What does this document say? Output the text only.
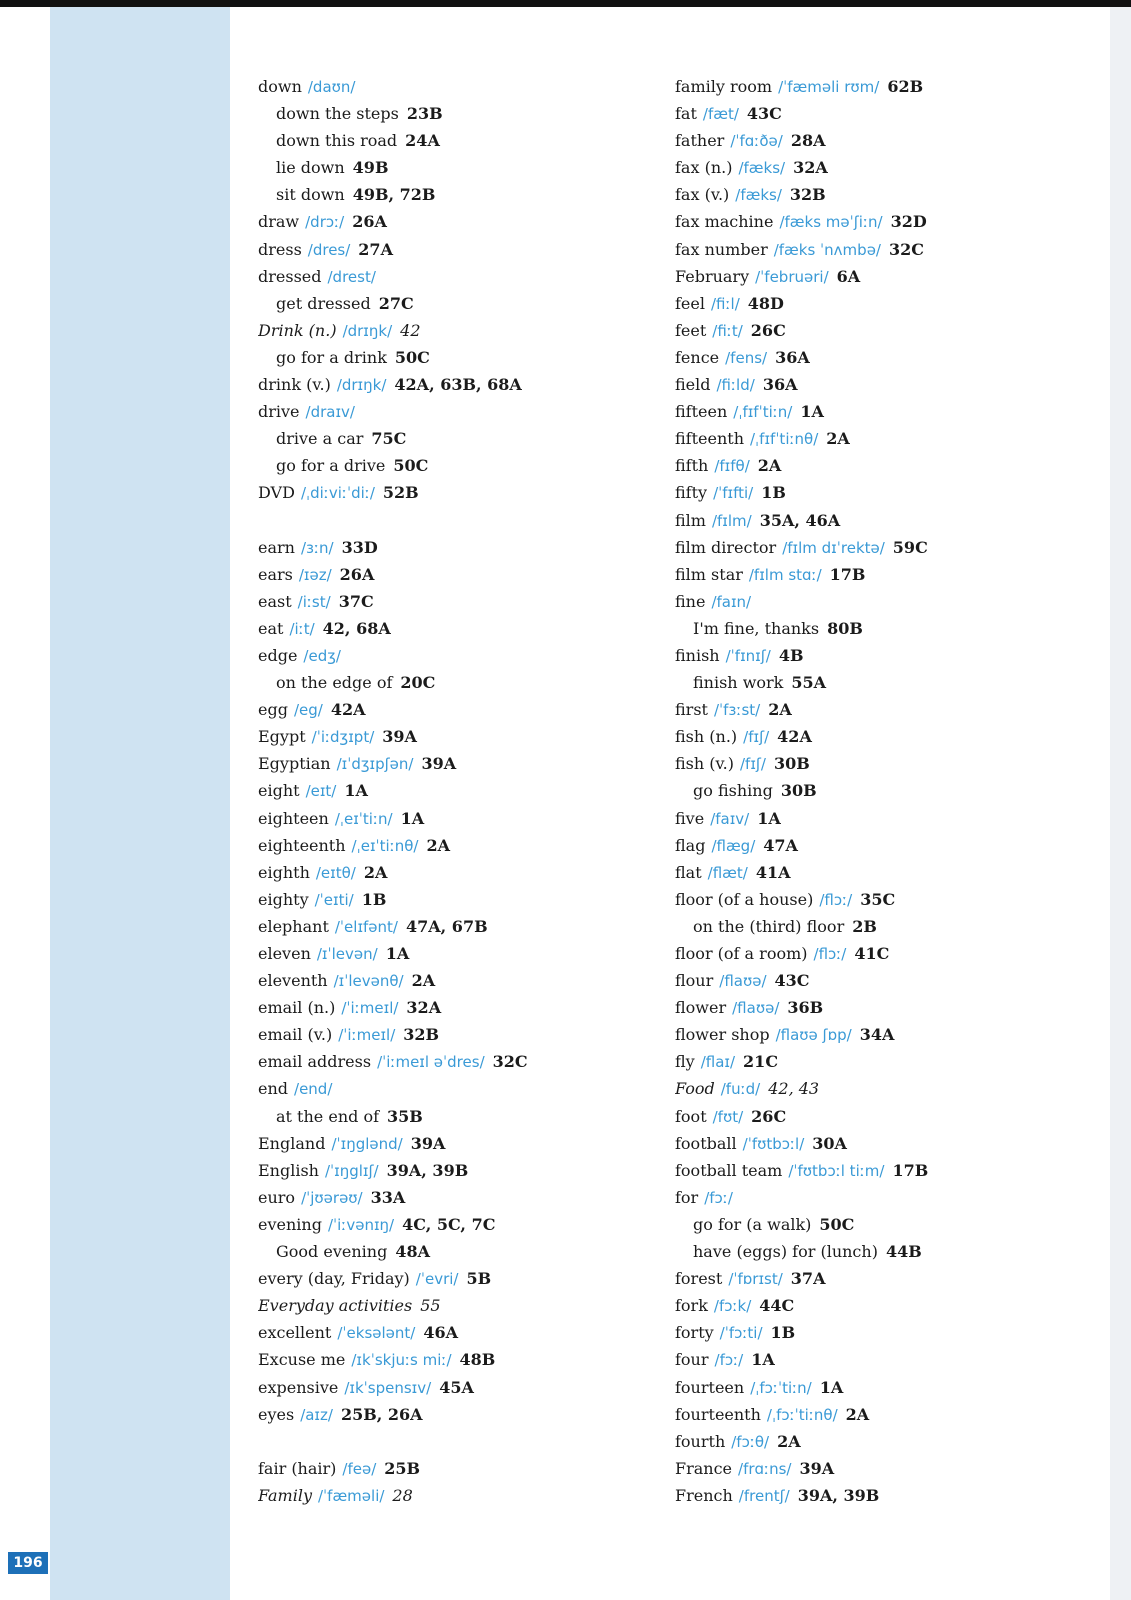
down /daʊn/
down the steps 23B
down this road 24A
lie down 49B
sit down 49B, 72B
draw /drɔː/ 26A
dress /dres/ 27A
dressed /drest/
get dressed 27C
Drink (n.) /drɪŋk/ 42
go for a drink 50C
drink (v.) /drɪŋk/ 42A, 63B, 68A
drive /draɪv/
drive a car 75C
go for a drive 50C
DVD /ˌdiːviːˈdiː/ 52B
earn /ɜːn/ 33D
ears /ɪəz/ 26A
east /iːst/ 37C
eat /iːt/ 42, 68A
edge /edʒ/
on the edge of 20C
egg /eg/ 42A
Egypt /ˈiːdʒɪpt/ 39A
Egyptian /ɪˈdʒɪpʃən/ 39A
eight /eɪt/ 1A
eighteen /ˌeɪˈtiːn/ 1A
eighteenth /ˌeɪˈtiːnθ/ 2A
eighth /eɪtθ/ 2A
eighty /ˈeɪti/ 1B
elephant /ˈelɪfənt/ 47A, 67B
eleven /ɪˈlevən/ 1A
eleventh /ɪˈlevənθ/ 2A
email (n.) /ˈiːmeɪl/ 32A
email (v.) /ˈiːmeɪl/ 32B
email address /ˈiːmeɪl əˈdres/ 32C
end /end/
at the end of 35B
England /ˈɪŋglənd/ 39A
English /ˈɪŋglɪʃ/ 39A, 39B
euro /ˈjʊərəʊ/ 33A
evening /ˈiːvənɪŋ/ 4C, 5C, 7C
Good evening 48A
every (day, Friday) /ˈevri/ 5B
Everyday activities 55
excellent /ˈeksələnt/ 46A
Excuse me /ɪkˈskjuːs miː/ 48B
expensive /ɪkˈspensɪv/ 45A
eyes /aɪz/ 25B, 26A
fair (hair) /feə/ 25B
Family /ˈfæməli/ 28
family room /ˈfæməli rʊm/ 62B
fat /fæt/ 43C
father /ˈfɑːðə/ 28A
fax (n.) /fæks/ 32A
fax (v.) /fæks/ 32B
fax machine /fæks məˈʃiːn/ 32D
fax number /fæks ˈnʌmbə/ 32C
February /ˈfebruəri/ 6A
feel /fiːl/ 48D
feet /fiːt/ 26C
fence /fens/ 36A
field /fiːld/ 36A
fifteen /ˌfɪfˈtiːn/ 1A
fifteenth /ˌfɪfˈtiːnθ/ 2A
fifth /fɪfθ/ 2A
fifty /ˈfɪfti/ 1B
film /fɪlm/ 35A, 46A
film director /fɪlm dɪˈrektə/ 59C
film star /fɪlm stɑː/ 17B
fine /faɪn/
I'm fine, thanks 80B
finish /ˈfɪnɪʃ/ 4B
finish work 55A
first /ˈfɜːst/ 2A
fish (n.) /fɪʃ/ 42A
fish (v.) /fɪʃ/ 30B
go fishing 30B
five /faɪv/ 1A
flag /flæg/ 47A
flat /flæt/ 41A
floor (of a house) /flɔː/ 35C
on the (third) floor 2B
floor (of a room) /flɔː/ 41C
flour /flaʊə/ 43C
flower /flaʊə/ 36B
flower shop /flaʊə ʃɒp/ 34A
fly /flaɪ/ 21C
Food /fuːd/ 42, 43
foot /fʊt/ 26C
football /ˈfʊtbɔːl/ 30A
football team /ˈfʊtbɔːl tiːm/ 17B
for /fɔː/
go for (a walk) 50C
have (eggs) for (lunch) 44B
forest /ˈfɒrɪst/ 37A
fork /fɔːk/ 44C
forty /ˈfɔːti/ 1B
four /fɔː/ 1A
fourteen /ˌfɔːˈtiːn/ 1A
fourteenth /ˌfɔːˈtiːnθ/ 2A
fourth /fɔːθ/ 2A
France /frɑːns/ 39A
French /frentʃ/ 39A, 39B
196
